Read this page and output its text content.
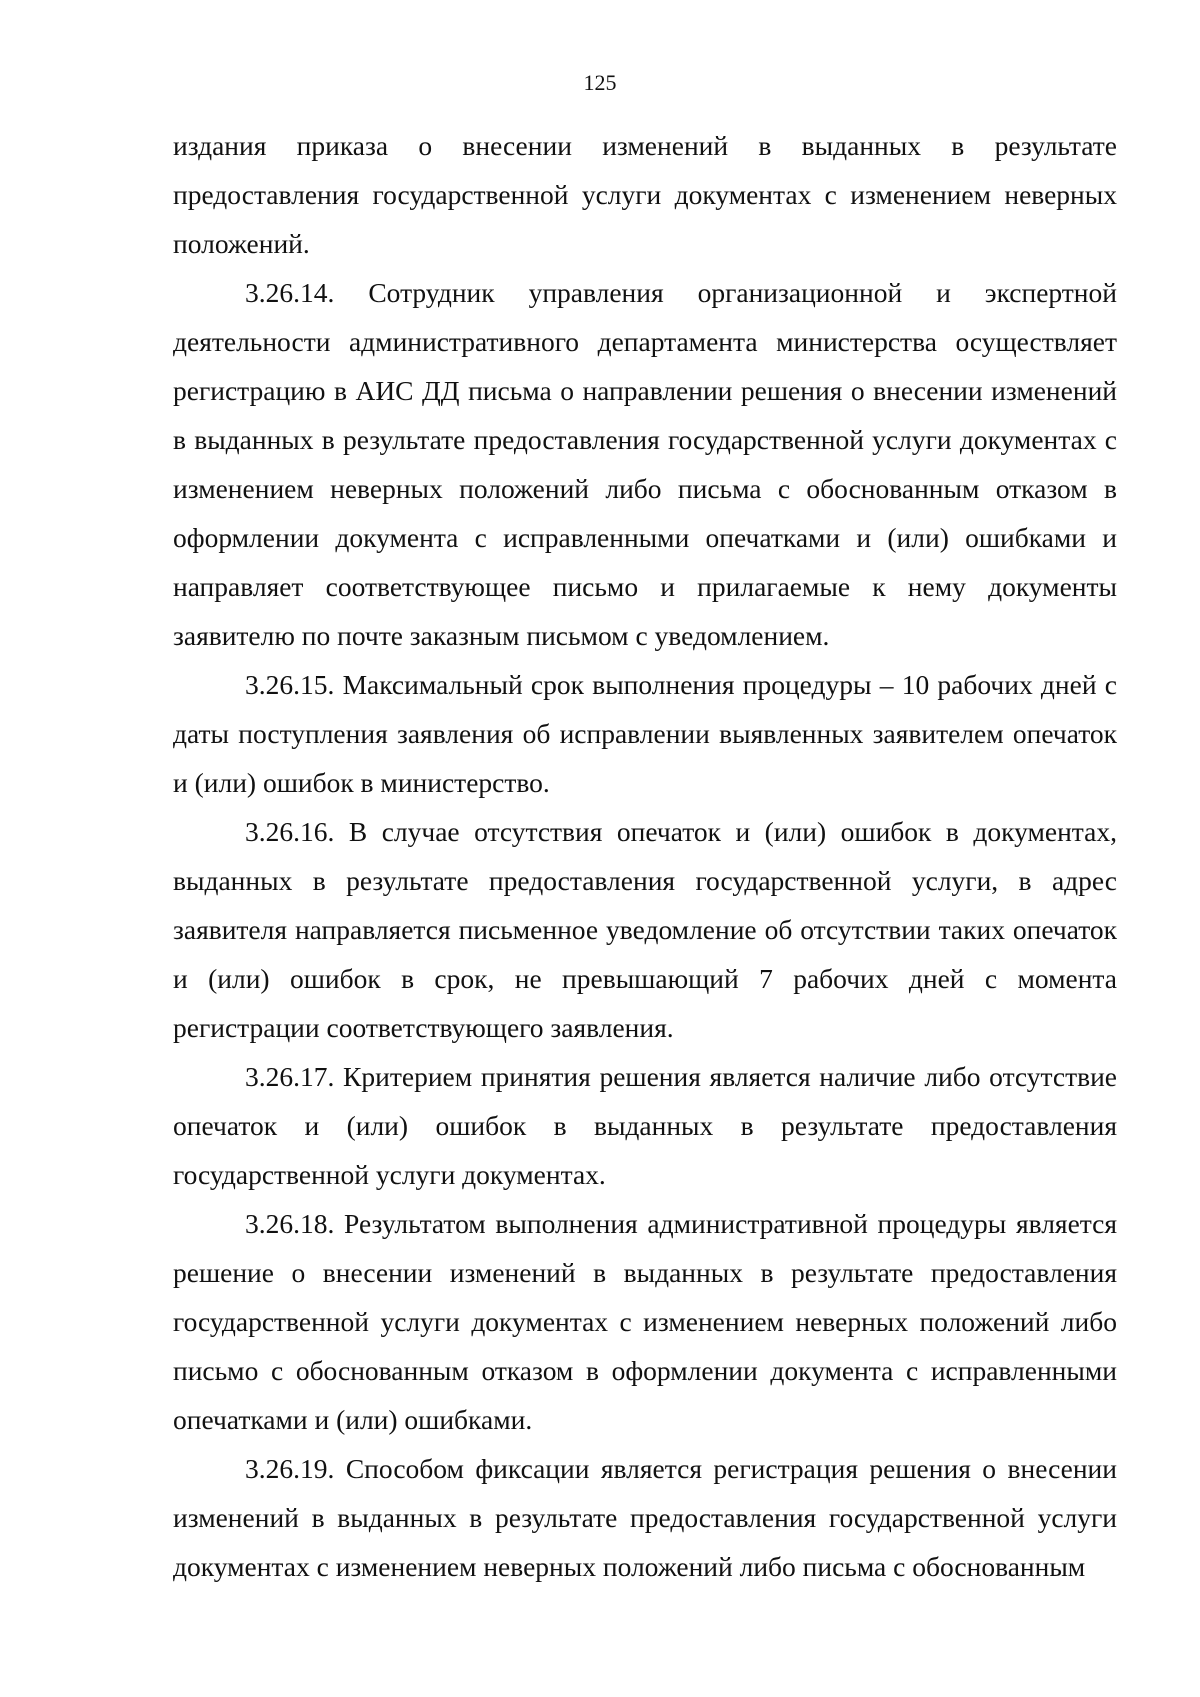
125

издания приказа о внесении изменений в выданных в результате предоставления государственной услуги документах с изменением неверных положений.

3.26.14. Сотрудник управления организационной и экспертной деятельности административного департамента министерства осуществляет регистрацию в АИС ДД письма о направлении решения о внесении изменений в выданных в результате предоставления государственной услуги документах с изменением неверных положений либо письма с обоснованным отказом в оформлении документа с исправленными опечатками и (или) ошибками и направляет соответствующее письмо и прилагаемые к нему документы заявителю по почте заказным письмом с уведомлением.

3.26.15. Максимальный срок выполнения процедуры – 10 рабочих дней с даты поступления заявления об исправлении выявленных заявителем опечаток и (или) ошибок в министерство.

3.26.16. В случае отсутствия опечаток и (или) ошибок в документах, выданных в результате предоставления государственной услуги, в адрес заявителя направляется письменное уведомление об отсутствии таких опечаток и (или) ошибок в срок, не превышающий 7 рабочих дней с момента регистрации соответствующего заявления.

3.26.17. Критерием принятия решения является наличие либо отсутствие опечаток и (или) ошибок в выданных в результате предоставления государственной услуги документах.

3.26.18. Результатом выполнения административной процедуры является решение о внесении изменений в выданных в результате предоставления государственной услуги документах с изменением неверных положений либо письмо с обоснованным отказом в оформлении документа с исправленными опечатками и (или) ошибками.

3.26.19. Способом фиксации является регистрация решения о внесении изменений в выданных в результате предоставления государственной услуги документах с изменением неверных положений либо письма с обоснованным
